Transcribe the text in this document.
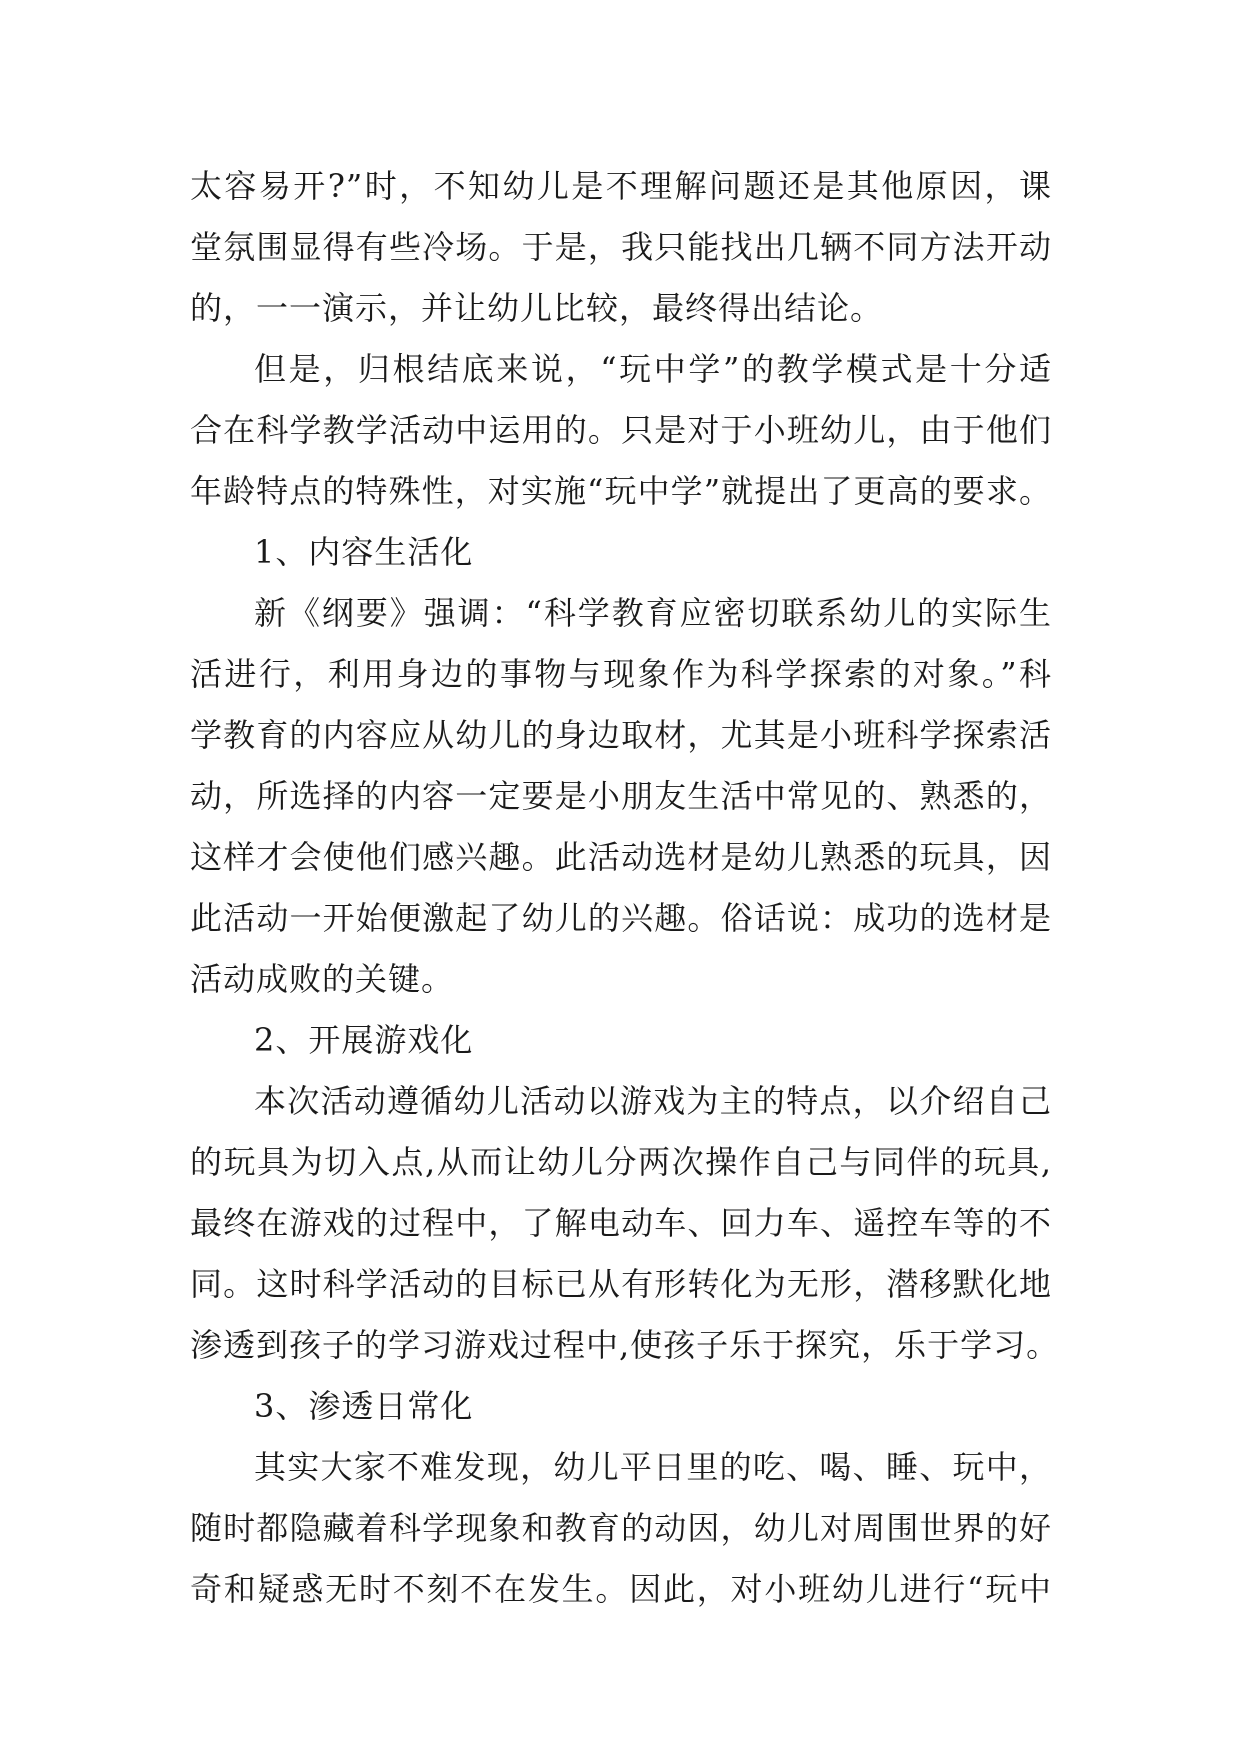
太容易开?”时，不知幼儿是不理解问题还是其他原因，课
堂氛围显得有些冷场。于是，我只能找出几辆不同方法开动
的，一一演示，并让幼儿比较，最终得出结论。
但是，归根结底来说，“玩中学”的教学模式是十分适
合在科学教学活动中运用的。只是对于小班幼儿，由于他们
年龄特点的特殊性，对实施“玩中学”就提出了更高的要求。
1、内容生活化
新《纲要》强调：“科学教育应密切联系幼儿的实际生
活进行，利用身边的事物与现象作为科学探索的对象。”科
学教育的内容应从幼儿的身边取材，尤其是小班科学探索活
动，所选择的内容一定要是小朋友生活中常见的、熟悉的，
这样才会使他们感兴趣。此活动选材是幼儿熟悉的玩具，因
此活动一开始便激起了幼儿的兴趣。俗话说：成功的选材是
活动成败的关键。
2、开展游戏化
本次活动遵循幼儿活动以游戏为主的特点，以介绍自己
的玩具为切入点,从而让幼儿分两次操作自己与同伴的玩具,
最终在游戏的过程中，了解电动车、回力车、遥控车等的不
同。这时科学活动的目标已从有形转化为无形，潜移默化地
渗透到孩子的学习游戏过程中,使孩子乐于探究，乐于学习。
3、渗透日常化
其实大家不难发现，幼儿平日里的吃、喝、睡、玩中，
随时都隐藏着科学现象和教育的动因，幼儿对周围世界的好
奇和疑惑无时不刻不在发生。因此，对小班幼儿进行“玩中
